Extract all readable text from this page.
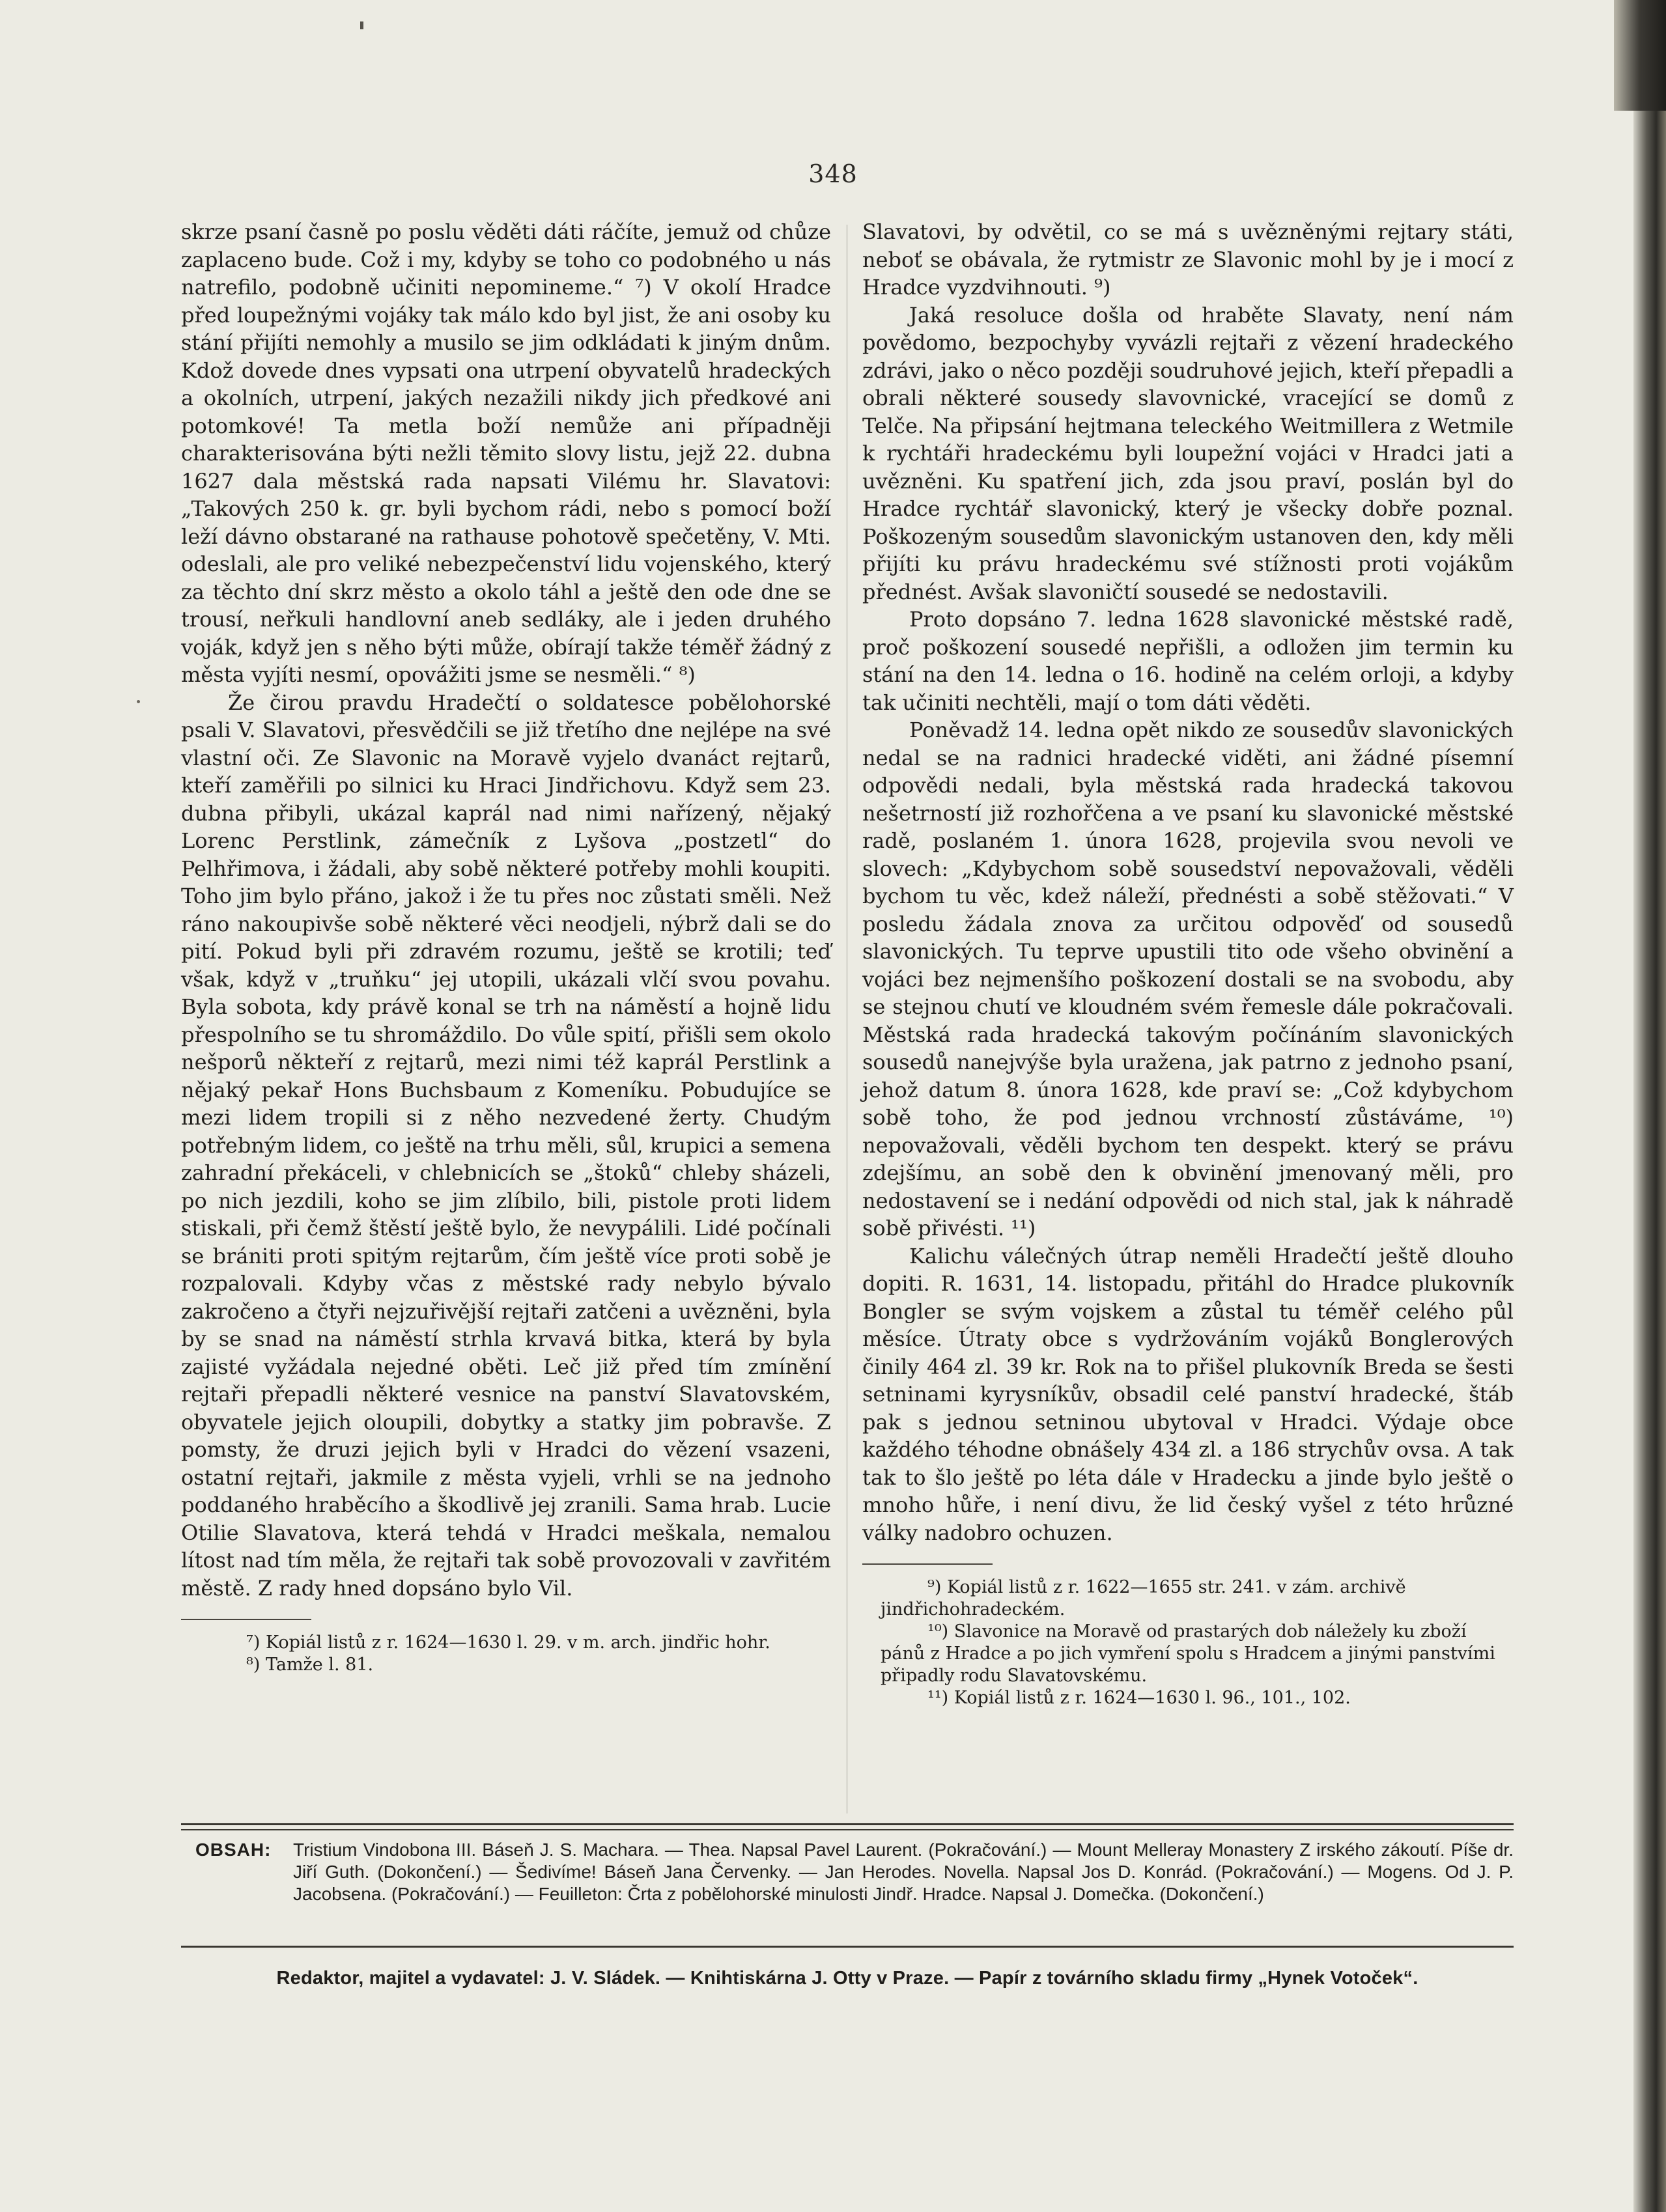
348

skrze psaní časně po poslu věděti dáti ráčíte, jemuž od chůze zaplaceno bude. Což i my, kdyby se toho co podobného u nás natrefilo, podobně učiniti nepomineme.“ ⁷) V okolí Hradce před loupežnými vojáky tak málo kdo byl jist, že ani osoby ku stání přijíti nemohly a musilo se jim odkládati k jiným dnům. Kdož dovede dnes vypsati ona utrpení obyvatelů hradeckých a okolních, utrpení, jakých nezažili nikdy jich předkové ani potomkové! Ta metla boží nemůže ani případněji charakterisována býti nežli těmito slovy listu, jejž 22. dubna 1627 dala městská rada napsati Vilému hr. Slavatovi: „Takových 250 k. gr. byli bychom rádi, nebo s pomocí boží leží dávno obstarané na rathause pohotově spečetěny, V. Mti. odeslali, ale pro veliké nebezpečenství lidu vojenského, který za těchto dní skrz město a okolo táhl a ještě den ode dne se trousí, neřkuli handlovní aneb sedláky, ale i jeden druhého voják, když jen s něho býti může, obírají takže téměř žádný z města vyjíti nesmí, opovážiti jsme se nesměli.“ ⁸)

Že čirou pravdu Hradečtí o soldatesce pobělohorské psali V. Slavatovi, přesvědčili se již třetího dne nejlépe na své vlastní oči. Ze Slavonic na Moravě vyjelo dvanáct rejtarů, kteří zaměřili po silnici ku Hraci Jindřichovu. Když sem 23. dubna přibyli, ukázal kaprál nad nimi nařízený, nějaký Lorenc Perstlink, zámečník z Lyšova „postzetl“ do Pelhřimova, i žádali, aby sobě některé potřeby mohli koupiti. Toho jim bylo přáno, jakož i že tu přes noc zůstati směli. Než ráno nakoupivše sobě některé věci neodjeli, nýbrž dali se do pití. Pokud byli při zdravém rozumu, ještě se krotili; teď však, když v „truňku“ jej utopili, ukázali vlčí svou povahu. Byla sobota, kdy právě konal se trh na náměstí a hojně lidu přespolního se tu shromáždilo. Do vůle spití, přišli sem okolo nešporů někteří z rejtarů, mezi nimi též kaprál Perstlink a nějaký pekař Hons Buchsbaum z Komeníku. Pobudujíce se mezi lidem tropili si z něho nezvedené žerty. Chudým potřebným lidem, co ještě na trhu měli, sůl, krupici a semena zahradní překáceli, v chlebnicích se „štoků“ chleby sházeli, po nich jezdili, koho se jim zlíbilo, bili, pistole proti lidem stiskali, při čemž štěstí ještě bylo, že nevypálili. Lidé počínali se brániti proti spitým rejtarům, čím ještě více proti sobě je rozpalovali. Kdyby včas z městské rady nebylo bývalo zakročeno a čtyři nejzuřivější rejtaři zatčeni a uvězněni, byla by se snad na náměstí strhla krvavá bitka, která by byla zajisté vyžádala nejedné oběti. Leč již před tím zmínění rejtaři přepadli některé vesnice na panství Slavatovském, obyvatele jejich oloupili, dobytky a statky jim pobravše. Z pomsty, že druzi jejich byli v Hradci do vězení vsazeni, ostatní rejtaři, jakmile z města vyjeli, vrhli se na jednoho poddaného hraběcího a škodlivě jej zranili. Sama hrab. Lucie Otilie Slavatova, která tehdá v Hradci meškala, nemalou lítost nad tím měla, že rejtaři tak sobě provozovali v zavřitém městě. Z rady hned dopsáno bylo Vil.

⁷) Kopiál listů z r. 1624—1630 l. 29. v m. arch. jindřic hohr.

⁸) Tamže l. 81.

Slavatovi, by odvětil, co se má s uvězněnými rejtary státi, neboť se obávala, že rytmistr ze Slavonic mohl by je i mocí z Hradce vyzdvihnouti. ⁹)

Jaká resoluce došla od hraběte Slavaty, není nám povědomo, bezpochyby vyvázli rejtaři z vězení hradeckého zdrávi, jako o něco později soudruhové jejich, kteří přepadli a obrali některé sousedy slavovnické, vracející se domů z Telče. Na připsání hejtmana teleckého Weitmillera z Wetmile k rychtáři hradeckému byli loupežní vojáci v Hradci jati a uvězněni. Ku spatření jich, zda jsou praví, poslán byl do Hradce rychtář slavonický, který je všecky dobře poznal. Poškozeným sousedům slavonickým ustanoven den, kdy měli přijíti ku právu hradeckému své stížnosti proti vojákům přednést. Avšak slavoničtí sousedé se nedostavili.

Proto dopsáno 7. ledna 1628 slavonické městské radě, proč poškození sousedé nepřišli, a odložen jim termin ku stání na den 14. ledna o 16. hodině na celém orloji, a kdyby tak učiniti nechtěli, mají o tom dáti věděti.

Poněvadž 14. ledna opět nikdo ze sousedův slavonických nedal se na radnici hradecké viděti, ani žádné písemní odpovědi nedali, byla městská rada hradecká takovou nešetrností již rozhořčena a ve psaní ku slavonické městské radě, poslaném 1. února 1628, projevila svou nevoli ve slovech: „Kdybychom sobě sousedství nepovažovali, věděli bychom tu věc, kdež náleží, přednésti a sobě stěžovati.“ V posledu žádala znova za určitou odpověď od sousedů slavonických. Tu teprve upustili tito ode všeho obvinění a vojáci bez nejmenšího poškození dostali se na svobodu, aby se stejnou chutí ve kloudném svém řemesle dále pokračovali. Městská rada hradecká takovým počínáním slavonických sousedů nanejvýše byla uražena, jak patrno z jednoho psaní, jehož datum 8. února 1628, kde praví se: „Což kdybychom sobě toho, že pod jednou vrchností zůstáváme, ¹⁰) nepovažovali, věděli bychom ten despekt. který se právu zdejšímu, an sobě den k obvinění jmenovaný měli, pro nedostavení se i nedání odpovědi od nich stal, jak k náhradě sobě přivésti. ¹¹)

Kalichu válečných útrap neměli Hradečtí ještě dlouho dopiti. R. 1631, 14. listopadu, přitáhl do Hradce plukovník Bongler se svým vojskem a zůstal tu téměř celého půl měsíce. Útraty obce s vydržováním vojáků Bonglerových činily 464 zl. 39 kr. Rok na to přišel plukovník Breda se šesti setninami kyrysníkův, obsadil celé panství hradecké, štáb pak s jednou setninou ubytoval v Hradci. Výdaje obce každého téhodne obnášely 434 zl. a 186 strychův ovsa. A tak tak to šlo ještě po léta dále v Hradecku a jinde bylo ještě o mnoho hůře, i není divu, že lid český vyšel z této hrůzné války nadobro ochuzen.

⁹) Kopiál listů z r. 1622—1655 str. 241. v zám. archivě jindřichohradeckém.

¹⁰) Slavonice na Moravě od prastarých dob náležely ku zboží pánů z Hradce a po jich vymření spolu s Hradcem a jinými panstvími připadly rodu Slavatovskému.

¹¹) Kopiál listů z r. 1624—1630 l. 96., 101., 102.

OBSAH:	Tristium Vindobona III. Báseň J. S. Machara. — Thea. Napsal Pavel Laurent. (Pokračování.) — Mount Melleray Monastery Z irského zákoutí. Píše dr. Jiří Guth. (Dokončení.) — Šedivíme! Báseň Jana Červenky. — Jan Herodes. Novella. Napsal Jos D. Konrád. (Pokračování.) — Mogens. Od J. P. Jacobsena. (Pokračování.) — Feuilleton: Črta z pobělohorské minulosti Jindř. Hradce. Napsal J. Domečka. (Dokončení.)
Redaktor, majitel a vydavatel: J. V. Sládek. — Knihtiskárna J. Otty v Praze. — Papír z továrního skladu firmy „Hynek Votoček“.
